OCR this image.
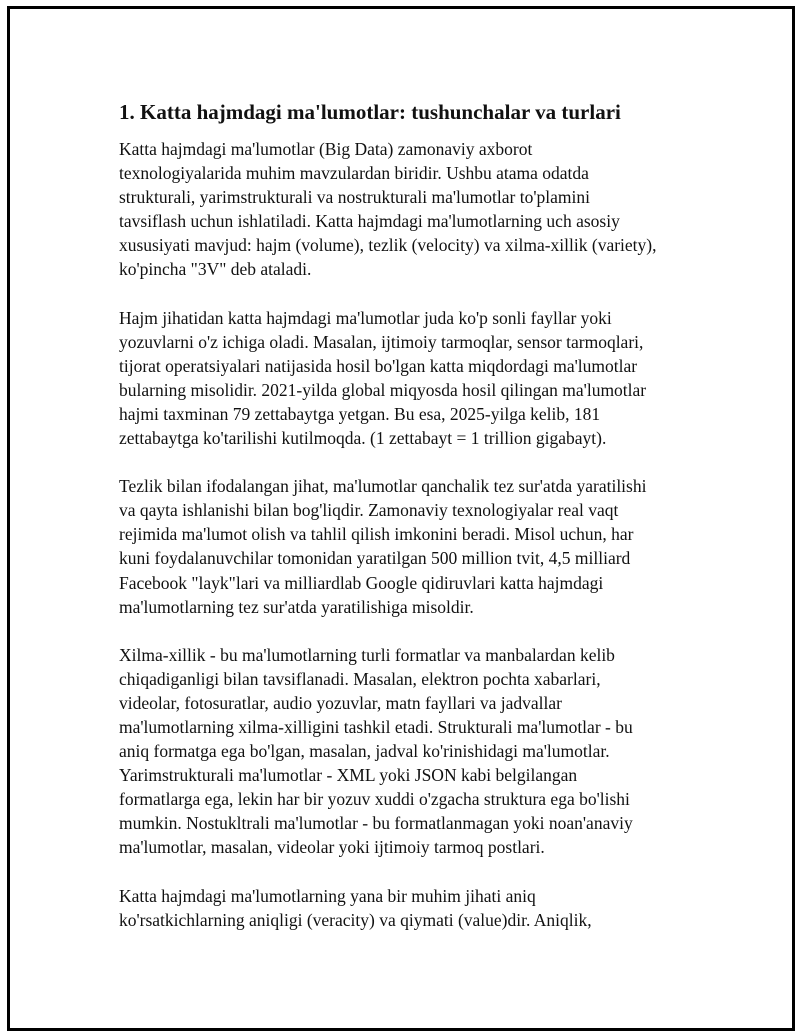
1. Katta hajmdagi ma'lumotlar: tushunchalar va turlari

Katta hajmdagi ma'lumotlar (Big Data) zamonaviy axborot
texnologiyalarida muhim mavzulardan biridir. Ushbu atama odatda
strukturali, yarimstrukturali va nostrukturali ma'lumotlar to'plamini
tavsiflash uchun ishlatiladi. Katta hajmdagi ma'lumotlarning uch asosiy
xususiyati mavjud: hajm (volume), tezlik (velocity) va xilma-xillik (variety),
ko'pincha "3V" deb ataladi.

Hajm jihatidan katta hajmdagi ma'lumotlar juda ko'p sonli fayllar yoki
yozuvlarni o'z ichiga oladi. Masalan, ijtimoiy tarmoqlar, sensor tarmoqlari,
tijorat operatsiyalari natijasida hosil bo'lgan katta miqdordagi ma'lumotlar
bularning misolidir. 2021-yilda global miqyosda hosil qilingan ma'lumotlar
hajmi taxminan 79 zettabaytga yetgan. Bu esa, 2025-yilga kelib, 181
zettabaytga ko'tarilishi kutilmoqda. (1 zettabayt = 1 trillion gigabayt).

Tezlik bilan ifodalangan jihat, ma'lumotlar qanchalik tez sur'atda yaratilishi
va qayta ishlanishi bilan bog'liqdir. Zamonaviy texnologiyalar real vaqt
rejimida ma'lumot olish va tahlil qilish imkonini beradi. Misol uchun, har
kuni foydalanuvchilar tomonidan yaratilgan 500 million tvit, 4,5 milliard
Facebook "layk"lari va milliardlab Google qidiruvlari katta hajmdagi
ma'lumotlarning tez sur'atda yaratilishiga misoldir.

Xilma-xillik - bu ma'lumotlarning turli formatlar va manbalardan kelib
chiqadiganligi bilan tavsiflanadi. Masalan, elektron pochta xabarlari,
videolar, fotosuratlar, audio yozuvlar, matn fayllari va jadvallar
ma'lumotlarning xilma-xilligini tashkil etadi. Strukturali ma'lumotlar - bu
aniq formatga ega bo'lgan, masalan, jadval ko'rinishidagi ma'lumotlar.
Yarimstrukturali ma'lumotlar - XML yoki JSON kabi belgilangan
formatlarga ega, lekin har bir yozuv xuddi o'zgacha struktura ega bo'lishi
mumkin. Nostukltrali ma'lumotlar - bu formatlanmagan yoki noan'anaviy
ma'lumotlar, masalan, videolar yoki ijtimoiy tarmoq postlari.

Katta hajmdagi ma'lumotlarning yana bir muhim jihati aniq
ko'rsatkichlarning aniqligi (veracity) va qiymati (value)dir. Aniqlik,
